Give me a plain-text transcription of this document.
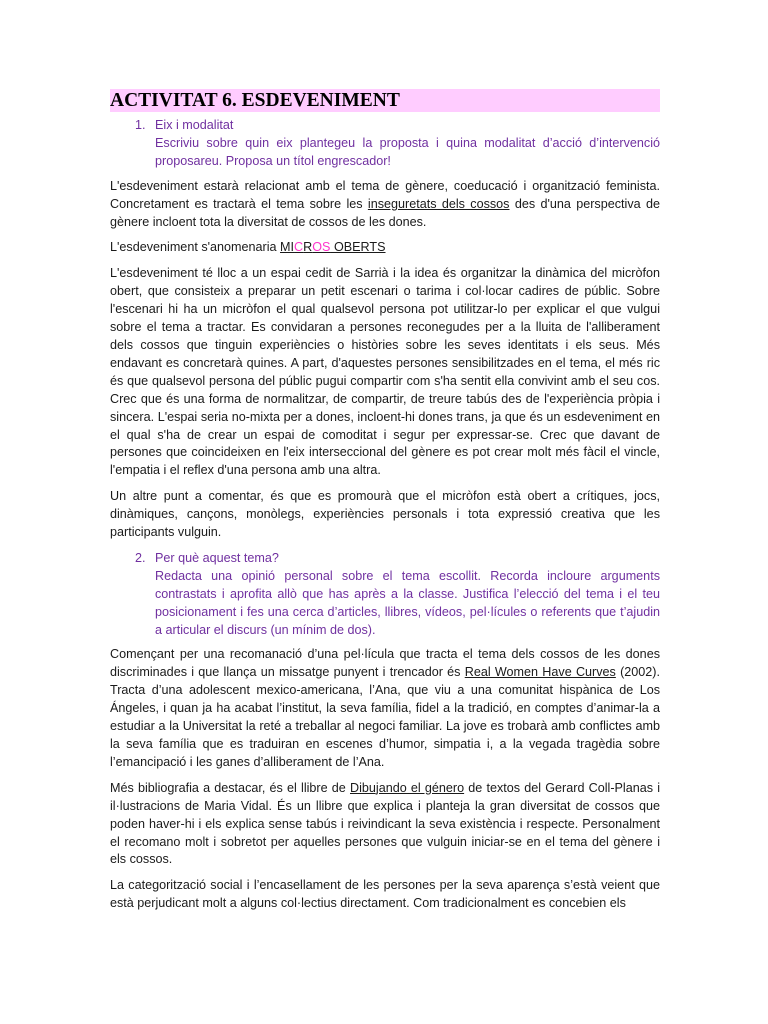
ACTIVITAT 6. ESDEVENIMENT
1. Eix i modalitat

Escriviu sobre quin eix plantegeu la proposta i quina modalitat d’acció d’intervenció proposareu. Proposa un títol engrescador!

L'esdeveniment estarà relacionat amb el tema de gènere, coeducació i organització feminista. Concretament es tractarà el tema sobre les inseguretats dels cossos des d'una perspectiva de gènere incloent tota la diversitat de cossos de les dones.

L'esdeveniment s'anomenaria MICROS OBERTS

L'esdeveniment té lloc a un espai cedit de Sarrià i la idea és organitzar la dinàmica del micròfon obert, que consisteix a preparar un petit escenari o tarima i col·locar cadires de públic. Sobre l'escenari hi ha un micròfon el qual qualsevol persona pot utilitzar-lo per explicar el que vulgui sobre el tema a tractar. Es convidaran a persones reconegudes per a la lluita de l'alliberament dels cossos que tinguin experiències o històries sobre les seves identitats i els seus. Més endavant es concretarà quines. A part, d'aquestes persones sensibilitzades en el tema, el més ric és que qualsevol persona del públic pugui compartir com s'ha sentit ella convivint amb el seu cos. Crec que és una forma de normalitzar, de compartir, de treure tabús des de l'experiència pròpia i sincera. L'espai seria no-mixta per a dones, incloent-hi dones trans, ja que és un esdeveniment en el qual s'ha de crear un espai de comoditat i segur per expressar-se. Crec que davant de persones que coincideixen en l'eix interseccional del gènere es pot crear molt més fàcil el vincle, l'empatia i el reflex d'una persona amb una altra.

Un altre punt a comentar, és que es promourà que el micròfon està obert a crítiques, jocs, dinàmiques, cançons, monòlegs, experiències personals i tota expressió creativa que les participants vulguin.

2. Per què aquest tema?

Redacta una opinió personal sobre el tema escollit. Recorda incloure arguments contrastats i aprofita allò que has après a la classe. Justifica l’elecció del tema i el teu posicionament i fes una cerca d’articles, llibres, vídeos, pel·lícules o referents que t’ajudin a articular el discurs (un mínim de dos).

Començant per una recomanació d’una pel·lícula que tracta el tema dels cossos de les dones discriminades i que llança un missatge punyent i trencador és Real Women Have Curves (2002). Tracta d’una adolescent mexico-americana, l’Ana, que viu a una comunitat hispànica de Los Ángeles, i quan ja ha acabat l’institut, la seva família, fidel a la tradició, en comptes d’animar-la a estudiar a la Universitat la reté a treballar al negoci familiar. La jove es trobarà amb conflictes amb la seva família que es traduiran en escenes d’humor, simpatia i, a la vegada tragèdia sobre l’emancipació i les ganes d’alliberament de l’Ana.

Més bibliografia a destacar, és el llibre de Dibujando el género de textos del Gerard Coll-Planas i il·lustracions de Maria Vidal. És un llibre que explica i planteja la gran diversitat de cossos que poden haver-hi i els explica sense tabús i reivindicant la seva existència i respecte. Personalment el recomano molt i sobretot per aquelles persones que vulguin iniciar-se en el tema del gènere i els cossos.

La categorització social i l’encasellament de les persones per la seva aparença s’està veient que està perjudicant molt a alguns col·lectius directament. Com tradicionalment es concebien els
